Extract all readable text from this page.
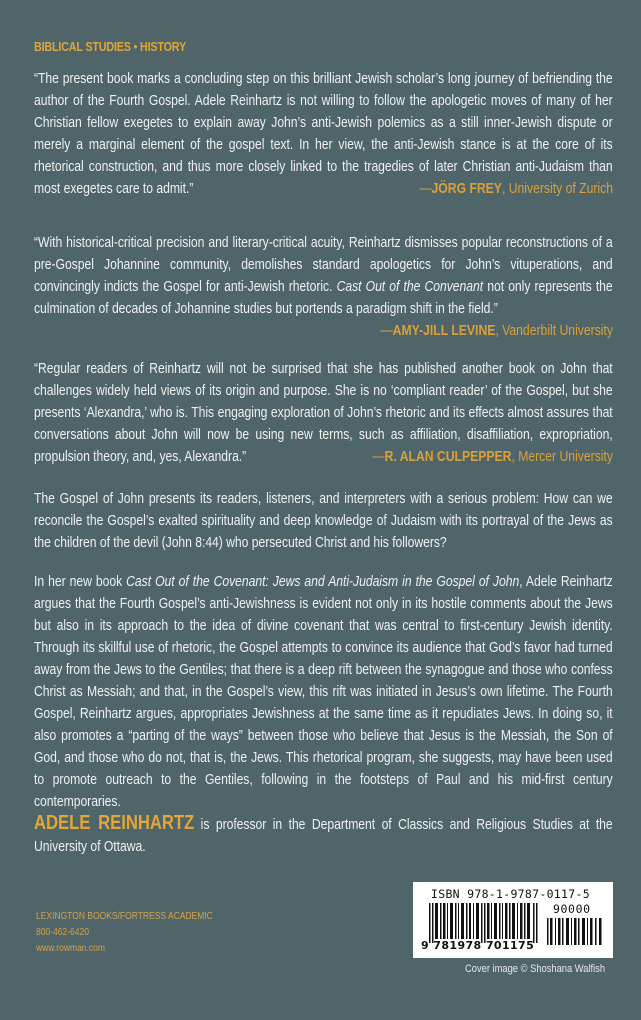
BIBLICAL STUDIES • HISTORY
“The present book marks a concluding step on this brilliant Jewish scholar’s long journey of befriending the author of the Fourth Gospel. Adele Reinhartz is not willing to follow the apologetic moves of many of her Christian fellow exegetes to explain away John’s anti-Jewish polemics as a still inner-Jewish dispute or merely a marginal element of the gospel text. In her view, the anti-Jewish stance is at the core of its rhetorical construction, and thus more closely linked to the tragedies of later Christian anti-Judaism than most exegetes care to admit.”	—JÖRG FREY, University of Zurich
“With historical-critical precision and literary-critical acuity, Reinhartz dismisses popular reconstructions of a pre-Gospel Johannine community, demolishes standard apologetics for John’s vituperations, and convincingly indicts the Gospel for anti-Jewish rhetoric. Cast Out of the Convenant not only represents the culmination of decades of Johannine studies but portends a paradigm shift in the field.”
—AMY-JILL LEVINE, Vanderbilt University
“Regular readers of Reinhartz will not be surprised that she has published another book on John that challenges widely held views of its origin and purpose. She is no ‘compliant reader’ of the Gospel, but she presents ‘Alexandra,’ who is. This engaging exploration of John’s rhetoric and its effects almost assures that conversations about John will now be using new terms, such as affiliation, disaffiliation, expropriation, propulsion theory, and, yes, Alexandra.”	—R. ALAN CULPEPPER, Mercer University
The Gospel of John presents its readers, listeners, and interpreters with a serious problem: How can we reconcile the Gospel’s exalted spirituality and deep knowledge of Judaism with its portrayal of the Jews as the children of the devil (John 8:44) who persecuted Christ and his followers?
In her new book Cast Out of the Covenant: Jews and Anti-Judaism in the Gospel of John, Adele Reinhartz argues that the Fourth Gospel’s anti-Jewishness is evident not only in its hostile comments about the Jews but also in its approach to the idea of divine covenant that was central to first-century Jewish identity. Through its skillful use of rhetoric, the Gospel attempts to convince its audience that God’s favor had turned away from the Jews to the Gentiles; that there is a deep rift between the synagogue and those who confess Christ as Messiah; and that, in the Gospel’s view, this rift was initiated in Jesus’s own lifetime. The Fourth Gospel, Reinhartz argues, appropriates Jewishness at the same time as it repudiates Jews. In doing so, it also promotes a “parting of the ways” between those who believe that Jesus is the Messiah, the Son of God, and those who do not, that is, the Jews. This rhetorical program, she suggests, may have been used to promote outreach to the Gentiles, following in the footsteps of Paul and his mid-first century contemporaries.
ADELE REINHARTZ is professor in the Department of Classics and Religious Studies at the University of Ottawa.
LEXINGTON BOOKS/FORTRESS ACADEMIC
800-462-6420
www.rowman.com
ISBN 978-1-9787-0117-5
90000
9 781978 701175
Cover image © Shoshana Walfish
